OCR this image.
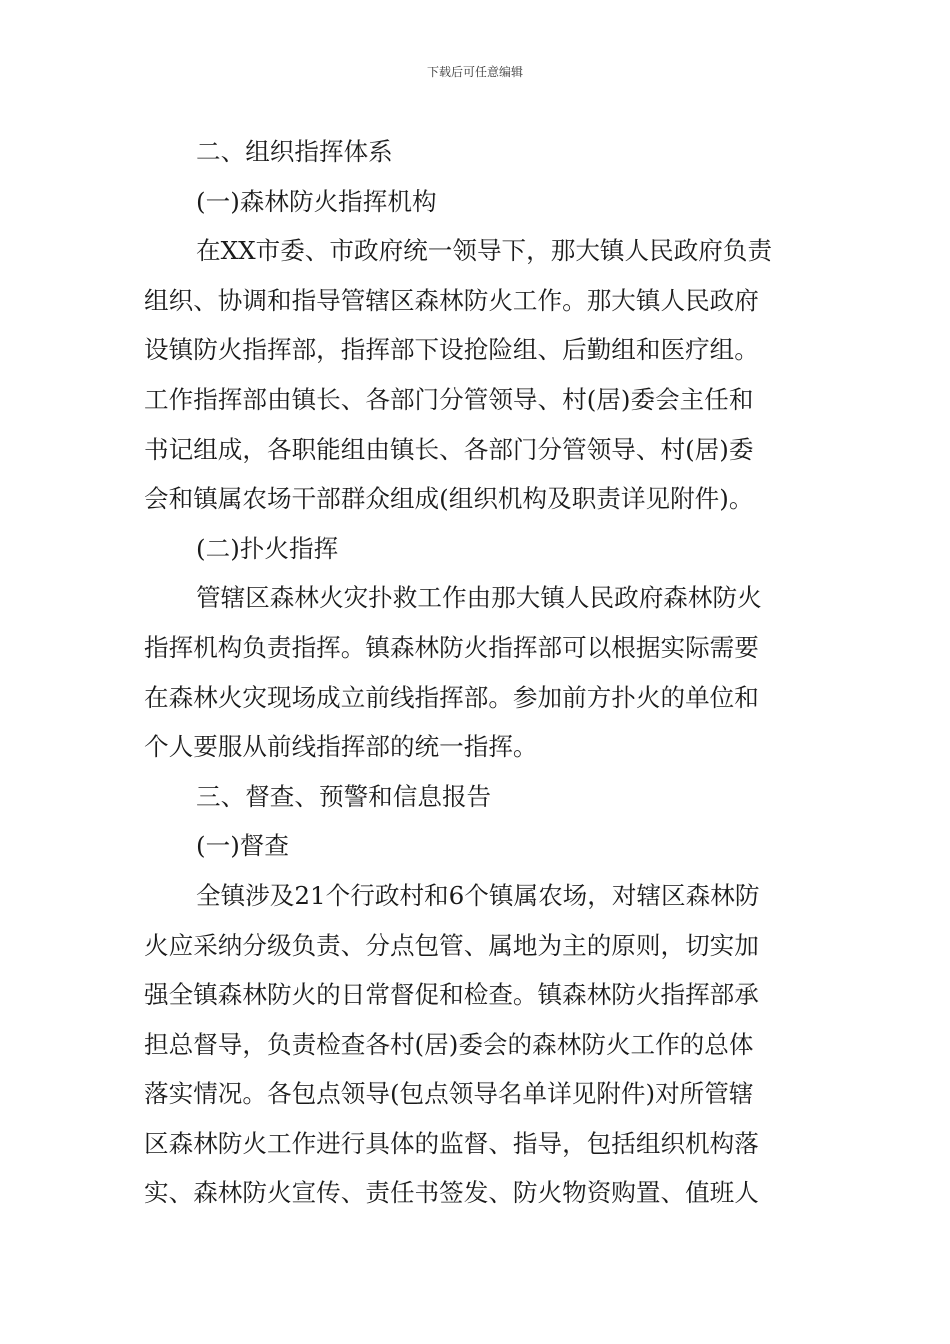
下载后可任意编辑

二、组织指挥体系

(一)森林防火指挥机构

在XX市委、市政府统一领导下，那大镇人民政府负责

组织、协调和指导管辖区森林防火工作。那大镇人民政府

设镇防火指挥部，指挥部下设抢险组、后勤组和医疗组。

工作指挥部由镇长、各部门分管领导、村(居)委会主任和

书记组成，各职能组由镇长、各部门分管领导、村(居)委

会和镇属农场干部群众组成(组织机构及职责详见附件)。

(二)扑火指挥

管辖区森林火灾扑救工作由那大镇人民政府森林防火

指挥机构负责指挥。镇森林防火指挥部可以根据实际需要

在森林火灾现场成立前线指挥部。参加前方扑火的单位和

个人要服从前线指挥部的统一指挥。

三、督查、预警和信息报告

(一)督查

全镇涉及21个行政村和6个镇属农场，对辖区森林防

火应采纳分级负责、分点包管、属地为主的原则，切实加

强全镇森林防火的日常督促和检查。镇森林防火指挥部承

担总督导，负责检查各村(居)委会的森林防火工作的总体

落实情况。各包点领导(包点领导名单详见附件)对所管辖

区森林防火工作进行具体的监督、指导，包括组织机构落

实、森林防火宣传、责任书签发、防火物资购置、值班人
